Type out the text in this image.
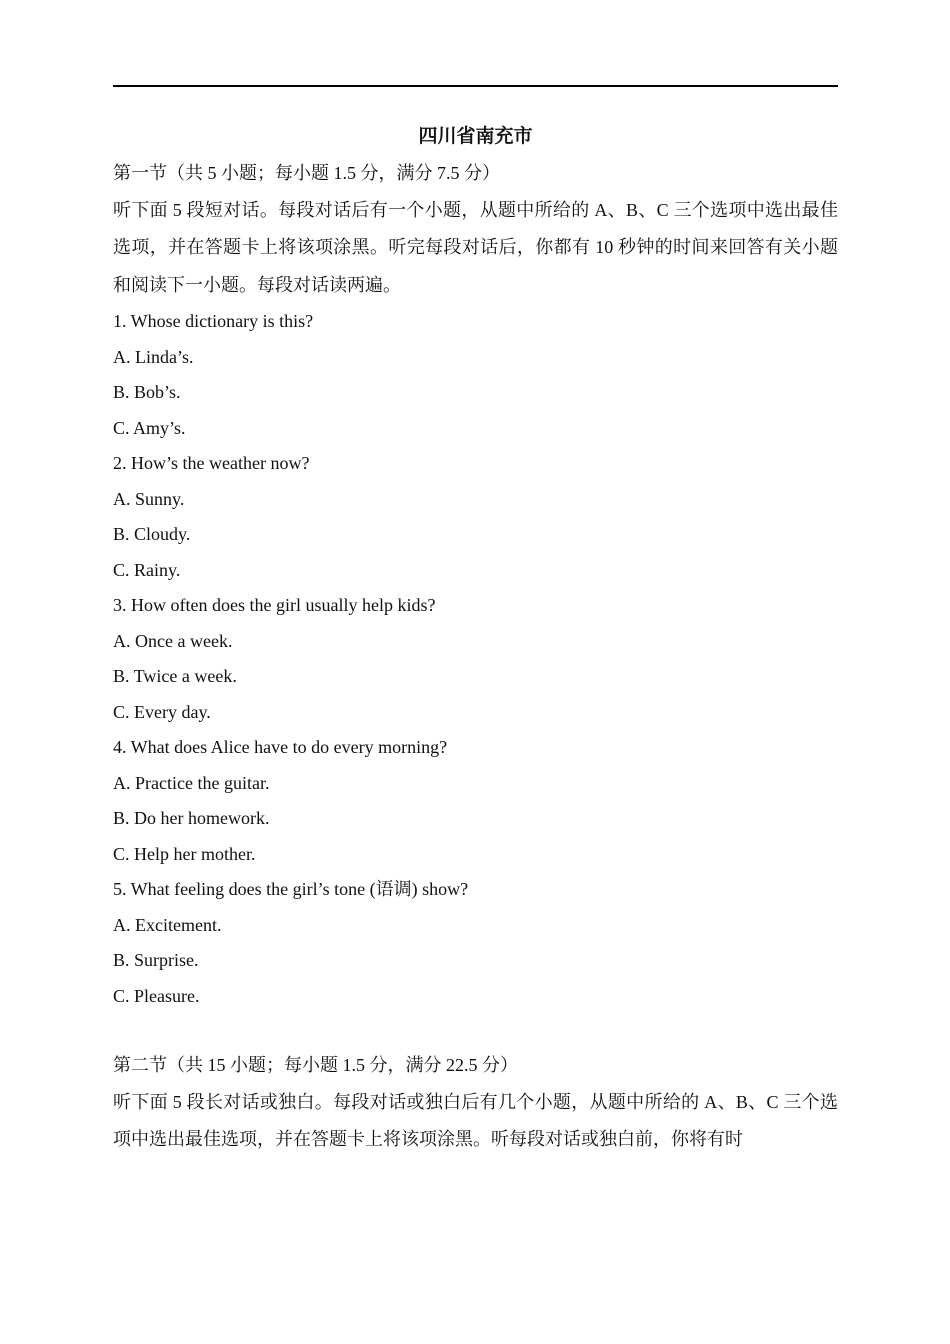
四川省南充市

第一节（共 5 小题；每小题 1.5 分，满分 7.5 分）

听下面 5 段短对话。每段对话后有一个小题，从题中所给的 A、B、C 三个选项中选出最佳选项，并在答题卡上将该项涂黑。听完每段对话后，你都有 10 秒钟的时间来回答有关小题和阅读下一小题。每段对话读两遍。

1. Whose dictionary is this?

A. Linda’s.

B. Bob’s.

C. Amy’s.

2. How’s the weather now?

A. Sunny.

B. Cloudy.

C. Rainy.

3. How often does the girl usually help kids?

A. Once a week.

B. Twice a week.

C. Every day.

4. What does Alice have to do every morning?

A. Practice the guitar.

B. Do her homework.

C. Help her mother.

5. What feeling does the girl’s tone (语调) show?

A. Excitement.

B. Surprise.

C. Pleasure.

第二节（共 15 小题；每小题 1.5 分，满分 22.5 分）

听下面 5 段长对话或独白。每段对话或独白后有几个小题，从题中所给的 A、B、C 三个选项中选出最佳选项，并在答题卡上将该项涂黑。听每段对话或独白前，你将有时
